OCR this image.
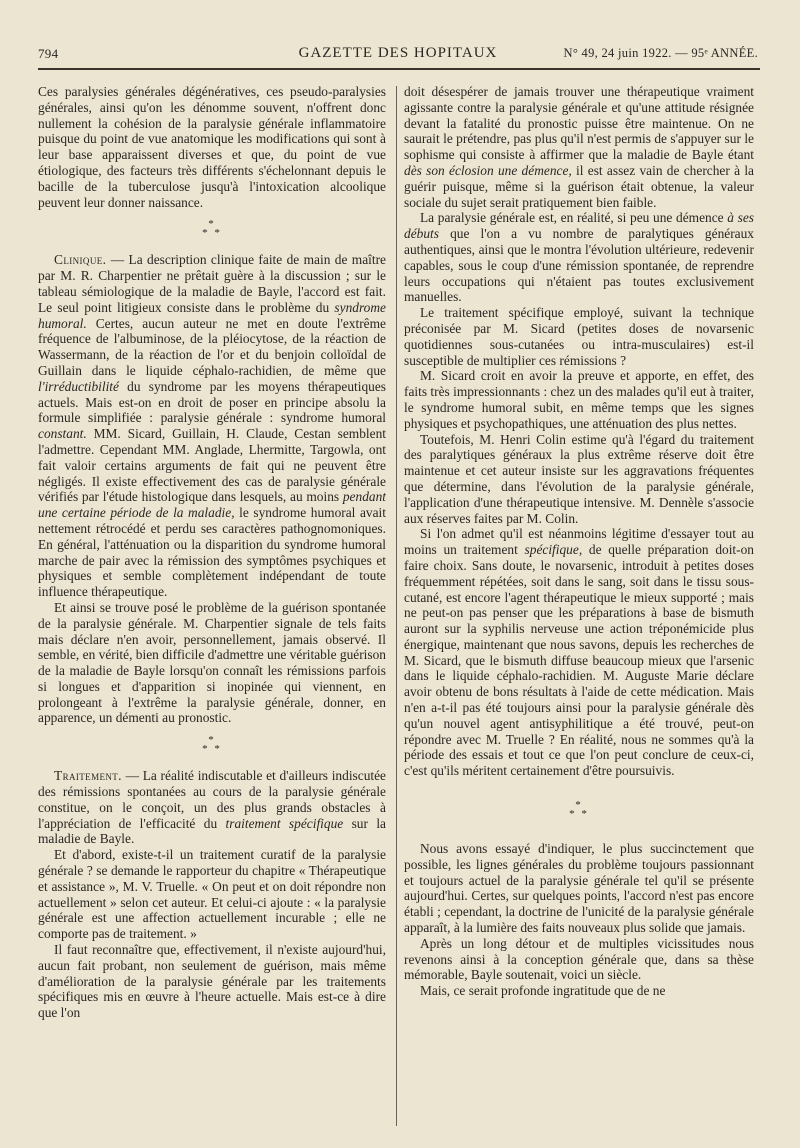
794	GAZETTE DES HOPITAUX	N° 49, 24 juin 1922. — 95ᵉ ANNÉE.

Ces paralysies générales dégénératives, ces pseudo-paralysies générales, ainsi qu'on les dénomme souvent, n'offrent donc nullement la cohésion de la paralysie générale inflammatoire puisque du point de vue anatomique les modifications qui sont à leur base apparaissent diverses et que, du point de vue étiologique, des facteurs très différents s'échelonnant depuis le bacille de la tuberculose jusqu'à l'intoxication alcoolique peuvent leur donner naissance.

*
* *

Clinique. — La description clinique faite de main de maître par M. R. Charpentier ne prêtait guère à la discussion ; sur le tableau sémiologique de la maladie de Bayle, l'accord est fait. Le seul point litigieux consiste dans le problème du syndrome humoral. Certes, aucun auteur ne met en doute l'extrême fréquence de l'albuminose, de la pléiocytose, de la réaction de Wassermann, de la réaction de l'or et du benjoin colloïdal de Guillain dans le liquide céphalo-rachidien, de même que l'irréductibilité du syndrome par les moyens thérapeutiques actuels. Mais est-on en droit de poser en principe absolu la formule simplifiée : paralysie générale : syndrome humoral constant. MM. Sicard, Guillain, H. Claude, Cestan semblent l'admettre. Cependant MM. Anglade, Lhermitte, Targowla, ont fait valoir certains arguments de fait qui ne peuvent être négligés. Il existe effectivement des cas de paralysie générale vérifiés par l'étude histologique dans lesquels, au moins pendant une certaine période de la maladie, le syndrome humoral avait nettement rétrocédé et perdu ses caractères pathognomoniques. En général, l'atténuation ou la disparition du syndrome humoral marche de pair avec la rémission des symptômes psychiques et physiques et semble complètement indépendant de toute influence thérapeutique.

Et ainsi se trouve posé le problème de la guérison spontanée de la paralysie générale. M. Charpentier signale de tels faits mais déclare n'en avoir, personnellement, jamais observé. Il semble, en vérité, bien difficile d'admettre une véritable guérison de la maladie de Bayle lorsqu'on connaît les rémissions parfois si longues et d'apparition si inopinée qui viennent, en prolongeant à l'extrême la paralysie générale, donner, en apparence, un démenti au pronostic.

*
* *

Traitement. — La réalité indiscutable et d'ailleurs indiscutée des rémissions spontanées au cours de la paralysie générale constitue, on le conçoit, un des plus grands obstacles à l'appréciation de l'efficacité du traitement spécifique sur la maladie de Bayle.

Et d'abord, existe-t-il un traitement curatif de la paralysie générale ? se demande le rapporteur du chapitre « Thérapeutique et assistance », M. V. Truelle. « On peut et on doit répondre non actuellement » selon cet auteur. Et celui-ci ajoute : « la paralysie générale est une affection actuellement incurable ; elle ne comporte pas de traitement. »

Il faut reconnaître que, effectivement, il n'existe aujourd'hui, aucun fait probant, non seulement de guérison, mais même d'amélioration de la paralysie générale par les traitements spécifiques mis en œuvre à l'heure actuelle. Mais est-ce à dire que l'on

doit désespérer de jamais trouver une thérapeutique vraiment agissante contre la paralysie générale et qu'une attitude résignée devant la fatalité du pronostic puisse être maintenue. On ne saurait le prétendre, pas plus qu'il n'est permis de s'appuyer sur le sophisme qui consiste à affirmer que la maladie de Bayle étant dès son éclosion une démence, il est assez vain de chercher à la guérir puisque, même si la guérison était obtenue, la valeur sociale du sujet serait pratiquement bien faible.

La paralysie générale est, en réalité, si peu une démence à ses débuts que l'on a vu nombre de paralytiques généraux authentiques, ainsi que le montra l'évolution ultérieure, redevenir capables, sous le coup d'une rémission spontanée, de reprendre leurs occupations qui n'étaient pas toutes exclusivement manuelles.

Le traitement spécifique employé, suivant la technique préconisée par M. Sicard (petites doses de novarsenic quotidiennes sous-cutanées ou intra-musculaires) est-il susceptible de multiplier ces rémissions ?

M. Sicard croit en avoir la preuve et apporte, en effet, des faits très impressionnants : chez un des malades qu'il eut à traiter, le syndrome humoral subit, en même temps que les signes physiques et psychopathiques, une atténuation des plus nettes.

Toutefois, M. Henri Colin estime qu'à l'égard du traitement des paralytiques généraux la plus extrême réserve doit être maintenue et cet auteur insiste sur les aggravations fréquentes que détermine, dans l'évolution de la paralysie générale, l'application d'une thérapeutique intensive. M. Dennèle s'associe aux réserves faites par M. Colin.

Si l'on admet qu'il est néanmoins légitime d'essayer tout au moins un traitement spécifique, de quelle préparation doit-on faire choix. Sans doute, le novarsenic, introduit à petites doses fréquemment répétées, soit dans le sang, soit dans le tissu sous-cutané, est encore l'agent thérapeutique le mieux supporté ; mais ne peut-on pas penser que les préparations à base de bismuth auront sur la syphilis nerveuse une action tréponémicide plus énergique, maintenant que nous savons, depuis les recherches de M. Sicard, que le bismuth diffuse beaucoup mieux que l'arsenic dans le liquide céphalo-rachidien. M. Auguste Marie déclare avoir obtenu de bons résultats à l'aide de cette médication. Mais n'en a-t-il pas été toujours ainsi pour la paralysie générale dès qu'un nouvel agent antisyphilitique a été trouvé, peut-on répondre avec M. Truelle ? En réalité, nous ne sommes qu'à la période des essais et tout ce que l'on peut conclure de ceux-ci, c'est qu'ils méritent certainement d'être poursuivis.

*
* *

Nous avons essayé d'indiquer, le plus succinctement que possible, les lignes générales du problème toujours passionnant et toujours actuel de la paralysie générale tel qu'il se présente aujourd'hui. Certes, sur quelques points, l'accord n'est pas encore établi ; cependant, la doctrine de l'unicité de la paralysie générale apparaît, à la lumière des faits nouveaux plus solide que jamais.

Après un long détour et de multiples vicissitudes nous revenons ainsi à la conception générale que, dans sa thèse mémorable, Bayle soutenait, voici un siècle.

Mais, ce serait profonde ingratitude que de ne
